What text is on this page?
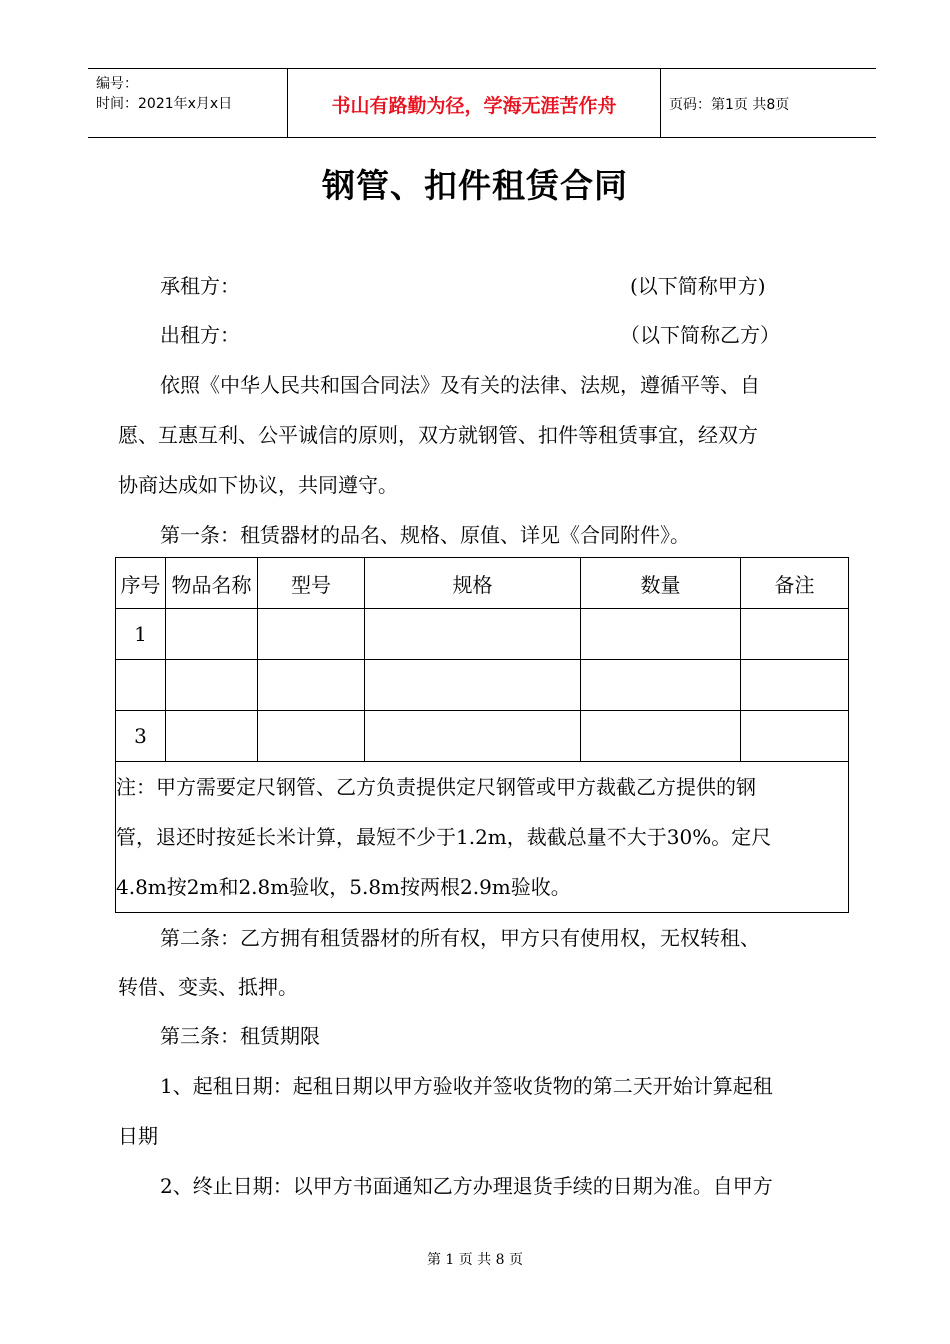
编号：
时间：2021年x月x日	书山有路勤为径，学海无涯苦作舟	页码：第1页 共8页
钢管、扣件租赁合同
承租方：	(以下简称甲方)
出租方：	（以下简称乙方）
依照《中华人民共和国合同法》及有关的法律、法规，遵循平等、自
愿、互惠互利、公平诚信的原则，双方就钢管、扣件等租赁事宜，经双方
协商达成如下协议，共同遵守。
第一条：租赁器材的品名、规格、原值、详见《合同附件》。
序号	物品名称	型号	规格	数量	备注
1					

3					

注：甲方需要定尺钢管、乙方负责提供定尺钢管或甲方裁截乙方提供的钢
管，退还时按延长米计算，最短不少于1.2m，裁截总量不大于30%。定尺
4.8m按2m和2.8m验收，5.8m按两根2.9m验收。					
第二条：乙方拥有租赁器材的所有权，甲方只有使用权，无权转租、
转借、变卖、抵押。
第三条：租赁期限
1、起租日期：起租日期以甲方验收并签收货物的第二天开始计算起租
日期
2、终止日期：以甲方书面通知乙方办理退货手续的日期为准。自甲方
第 1 页 共 8 页
